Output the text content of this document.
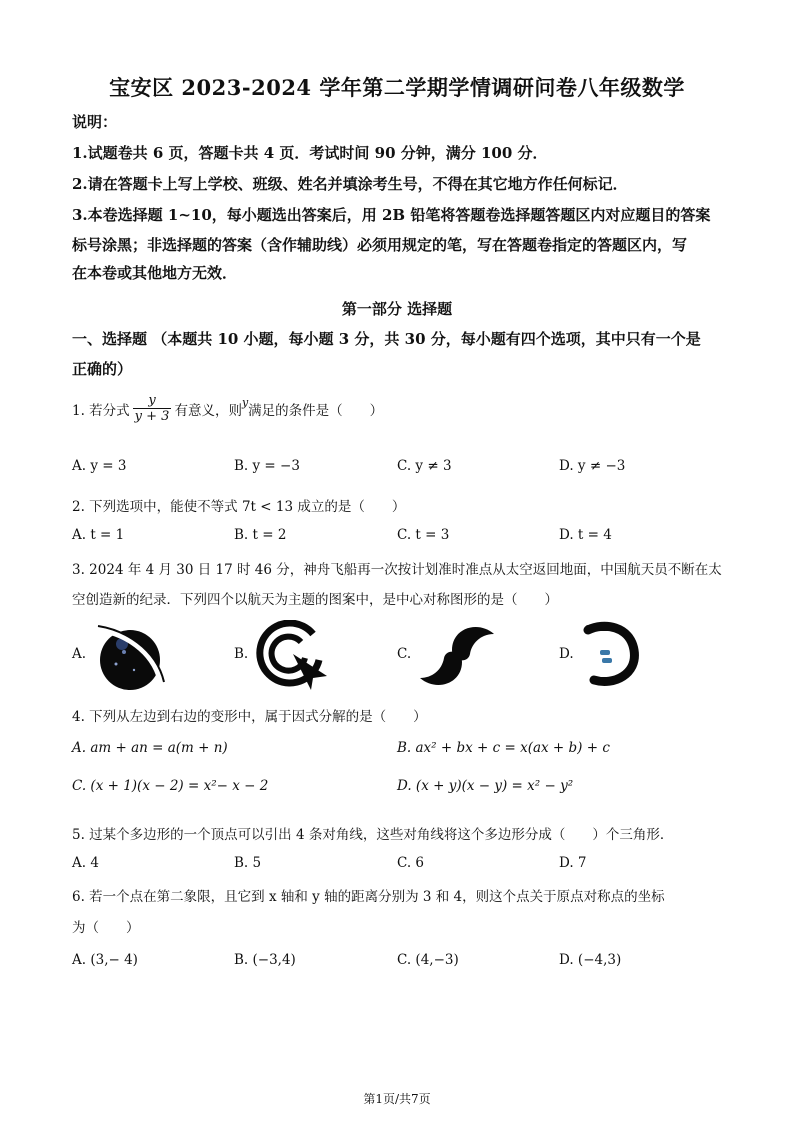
宝安区 2023-2024 学年第二学期学情调研问卷八年级数学
说明：
1.试题卷共 6 页，答题卡共 4 页．考试时间 90 分钟，满分 100 分．
2.请在答题卡上写上学校、班级、姓名并填涂考生号，不得在其它地方作任何标记．
3.本卷选择题 1~10，每小题选出答案后，用 2B 铅笔将答题卷选择题答题区内对应题目的答案
标号涂黑；非选择题的答案（含作辅助线）必须用规定的笔，写在答题卷指定的答题区内，写
在本卷或其他地方无效．
第一部分 选择题
一、选择题 （本题共 10 小题，每小题 3 分，共 30 分，每小题有四个选项，其中只有一个是
正确的）
1. 若分式 $\frac{y}{y + 3}$ 有意义，则 y 满足的条件是（　　）
A. y = 3	B. y = −3	C. y ≠ 3	D. y ≠ −3
2. 下列选项中，能使不等式 7t < 13 成立的是（　　）
A. t = 1	B. t = 2	C. t = 3	D. t = 4
3. 2024 年 4 月 30 日 17 时 46 分，神舟飞船再一次按计划准时准点从太空返回地面，中国航天员不断在太
空创造新的纪录．下列四个以航天为主题的图案中，是中心对称图形的是（　　）
A.	B.	C.	D.
4. 下列从左边到右边的变形中，属于因式分解的是（　　）
A. am + an = a(m + n)	B. ax² + bx + c = x(ax + b) + c
C. (x + 1)(x − 2) = x²− x − 2	D. (x + y)(x − y) = x² − y²
5. 过某个多边形的一个顶点可以引出 4 条对角线，这些对角线将这个多边形分成（　　）个三角形．
A. 4	B. 5	C. 6	D. 7
6. 若一个点在第二象限，且它到 x 轴和 y 轴的距离分别为 3 和 4，则这个点关于原点对称点的坐标
为（　　）
A. (3,− 4)	B. (−3,4)	C. (4,−3)	D. (−4,3)
第1页/共7页
